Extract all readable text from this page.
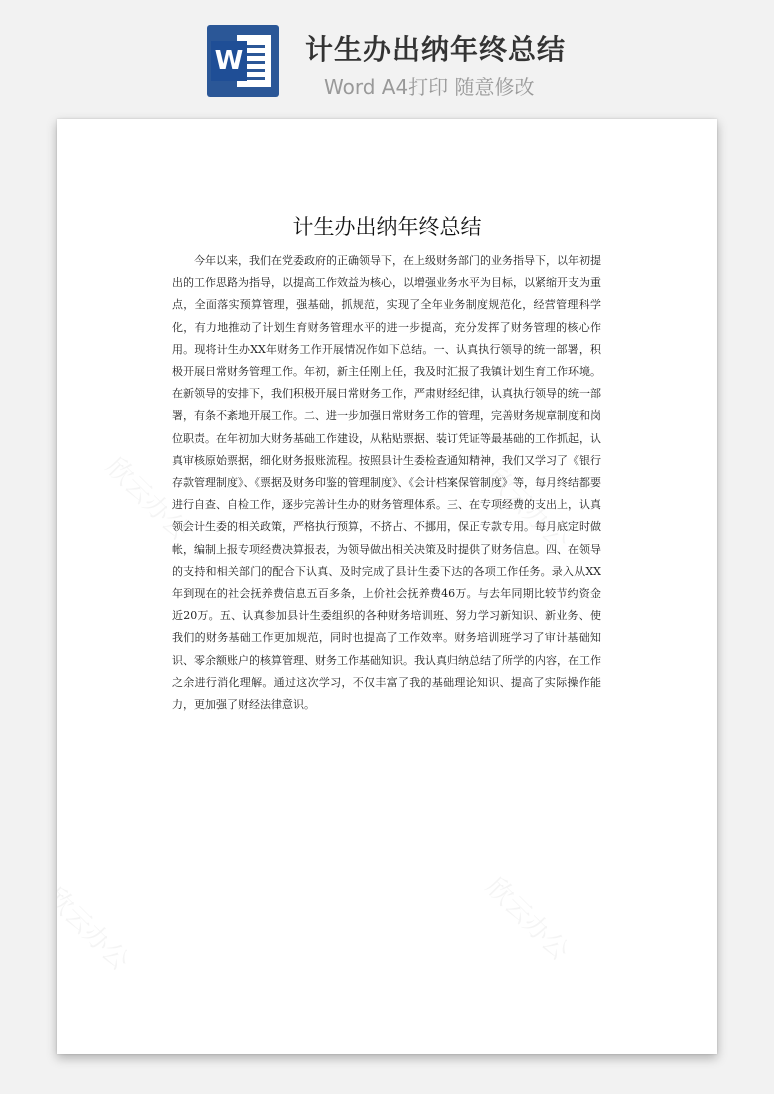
W 计生办出纳年终总结
Word A4打印 随意修改
计生办出纳年终总结

今年以来，我们在党委政府的正确领导下，在上级财务部门的业务指导下，以年初提出的工作思路为指导，以提高工作效益为核心，以增强业务水平为目标，以紧缩开支为重点，全面落实预算管理，强基础，抓规范，实现了全年业务制度规范化，经营管理科学化，有力地推动了计划生育财务管理水平的进一步提高，充分发挥了财务管理的核心作用。现将计生办XX年财务工作开展情况作如下总结。一、认真执行领导的统一部署，积极开展日常财务管理工作。年初，新主任刚上任，我及时汇报了我镇计划生育工作环境。在新领导的安排下，我们积极开展日常财务工作，严肃财经纪律，认真执行领导的统一部署，有条不紊地开展工作。二、进一步加强日常财务工作的管理，完善财务规章制度和岗位职责。在年初加大财务基础工作建设，从粘贴票据、装订凭证等最基础的工作抓起，认真审核原始票据，细化财务报账流程。按照县计生委检查通知精神，我们又学习了《银行存款管理制度》、《票据及财务印鉴的管理制度》、《会计档案保管制度》等，每月终结都要进行自查、自检工作，逐步完善计生办的财务管理体系。三、在专项经费的支出上，认真领会计生委的相关政策，严格执行预算，不挤占、不挪用，保正专款专用。每月底定时做帐，编制上报专项经费决算报表，为领导做出相关决策及时提供了财务信息。四、在领导的支持和相关部门的配合下认真、及时完成了县计生委下达的各项工作任务。录入从XX年到现在的社会抚养费信息五百多条，上价社会抚养费46万。与去年同期比较节约资金近20万。五、认真参加县计生委组织的各种财务培训班、努力学习新知识、新业务、使我们的财务基础工作更加规范，同时也提高了工作效率。财务培训班学习了审计基础知识、零余额账户的核算管理、财务工作基础知识。我认真归纳总结了所学的内容，在工作之余进行消化理解。通过这次学习，不仅丰富了我的基础理论知识、提高了实际操作能力，更加强了财经法律意识。
